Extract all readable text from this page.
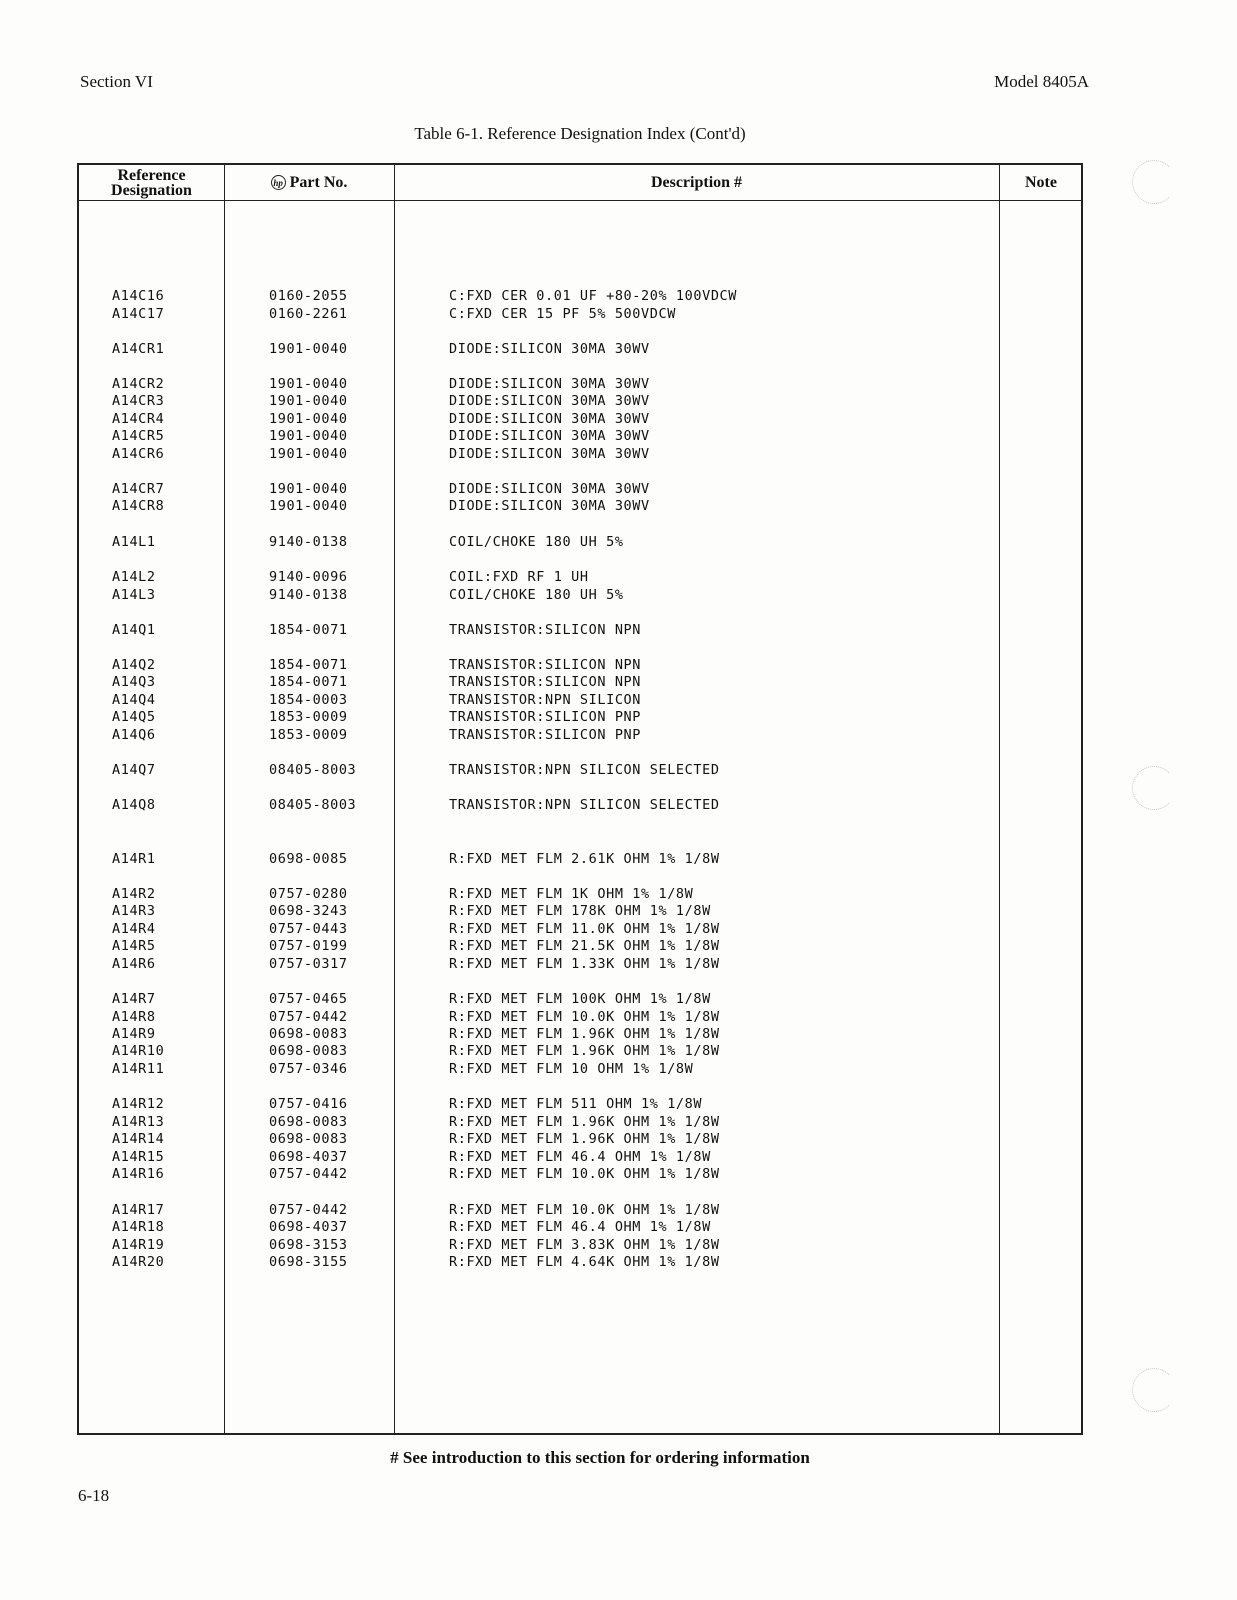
Section VI	Model 8405A
Table 6-1. Reference Designation Index (Cont'd)
Reference
Designation	hp Part No.	Description #	Note
A14C16	0160-2055	C:FXD CER 0.01 UF +80-20% 100VDCW
A14C17	0160-2261	C:FXD CER 15 PF 5% 500VDCW
A14CR1	1901-0040	DIODE:SILICON 30MA 30WV
A14CR2	1901-0040	DIODE:SILICON 30MA 30WV
A14CR3	1901-0040	DIODE:SILICON 30MA 30WV
A14CR4	1901-0040	DIODE:SILICON 30MA 30WV
A14CR5	1901-0040	DIODE:SILICON 30MA 30WV
A14CR6	1901-0040	DIODE:SILICON 30MA 30WV
A14CR7	1901-0040	DIODE:SILICON 30MA 30WV
A14CR8	1901-0040	DIODE:SILICON 30MA 30WV
A14L1	9140-0138	COIL/CHOKE 180 UH 5%
A14L2	9140-0096	COIL:FXD RF 1 UH
A14L3	9140-0138	COIL/CHOKE 180 UH 5%
A14Q1	1854-0071	TRANSISTOR:SILICON NPN
A14Q2	1854-0071	TRANSISTOR:SILICON NPN
A14Q3	1854-0071	TRANSISTOR:SILICON NPN
A14Q4	1854-0003	TRANSISTOR:NPN SILICON
A14Q5	1853-0009	TRANSISTOR:SILICON PNP
A14Q6	1853-0009	TRANSISTOR:SILICON PNP
A14Q7	08405-8003	TRANSISTOR:NPN SILICON SELECTED
A14Q8	08405-8003	TRANSISTOR:NPN SILICON SELECTED
A14R1	0698-0085	R:FXD MET FLM 2.61K OHM 1% 1/8W
A14R2	0757-0280	R:FXD MET FLM 1K OHM 1% 1/8W
A14R3	0698-3243	R:FXD MET FLM 178K OHM 1% 1/8W
A14R4	0757-0443	R:FXD MET FLM 11.0K OHM 1% 1/8W
A14R5	0757-0199	R:FXD MET FLM 21.5K OHM 1% 1/8W
A14R6	0757-0317	R:FXD MET FLM 1.33K OHM 1% 1/8W
A14R7	0757-0465	R:FXD MET FLM 100K OHM 1% 1/8W
A14R8	0757-0442	R:FXD MET FLM 10.0K OHM 1% 1/8W
A14R9	0698-0083	R:FXD MET FLM 1.96K OHM 1% 1/8W
A14R10	0698-0083	R:FXD MET FLM 1.96K OHM 1% 1/8W
A14R11	0757-0346	R:FXD MET FLM 10 OHM 1% 1/8W
A14R12	0757-0416	R:FXD MET FLM 511 OHM 1% 1/8W
A14R13	0698-0083	R:FXD MET FLM 1.96K OHM 1% 1/8W
A14R14	0698-0083	R:FXD MET FLM 1.96K OHM 1% 1/8W
A14R15	0698-4037	R:FXD MET FLM 46.4 OHM 1% 1/8W
A14R16	0757-0442	R:FXD MET FLM 10.0K OHM 1% 1/8W
A14R17	0757-0442	R:FXD MET FLM 10.0K OHM 1% 1/8W
A14R18	0698-4037	R:FXD MET FLM 46.4 OHM 1% 1/8W
A14R19	0698-3153	R:FXD MET FLM 3.83K OHM 1% 1/8W
A14R20	0698-3155	R:FXD MET FLM 4.64K OHM 1% 1/8W
# See introduction to this section for ordering information
6-18
